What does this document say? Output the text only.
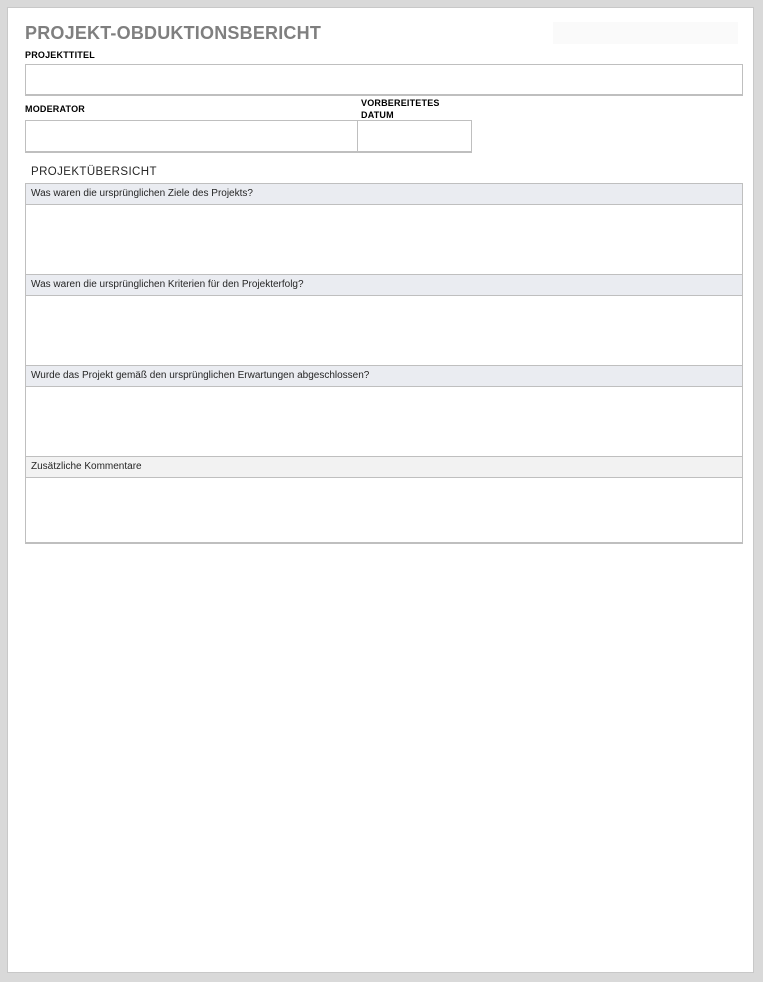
PROJEKT-OBDUKTIONSBERICHT
PROJEKTTITEL
MODERATOR
VORBEREITETES
DATUM
PROJEKTÜBERSICHT
Was waren die ursprünglichen Ziele des Projekts?
Was waren die ursprünglichen Kriterien für den Projekterfolg?
Wurde das Projekt gemäß den ursprünglichen Erwartungen abgeschlossen?
Zusätzliche Kommentare
